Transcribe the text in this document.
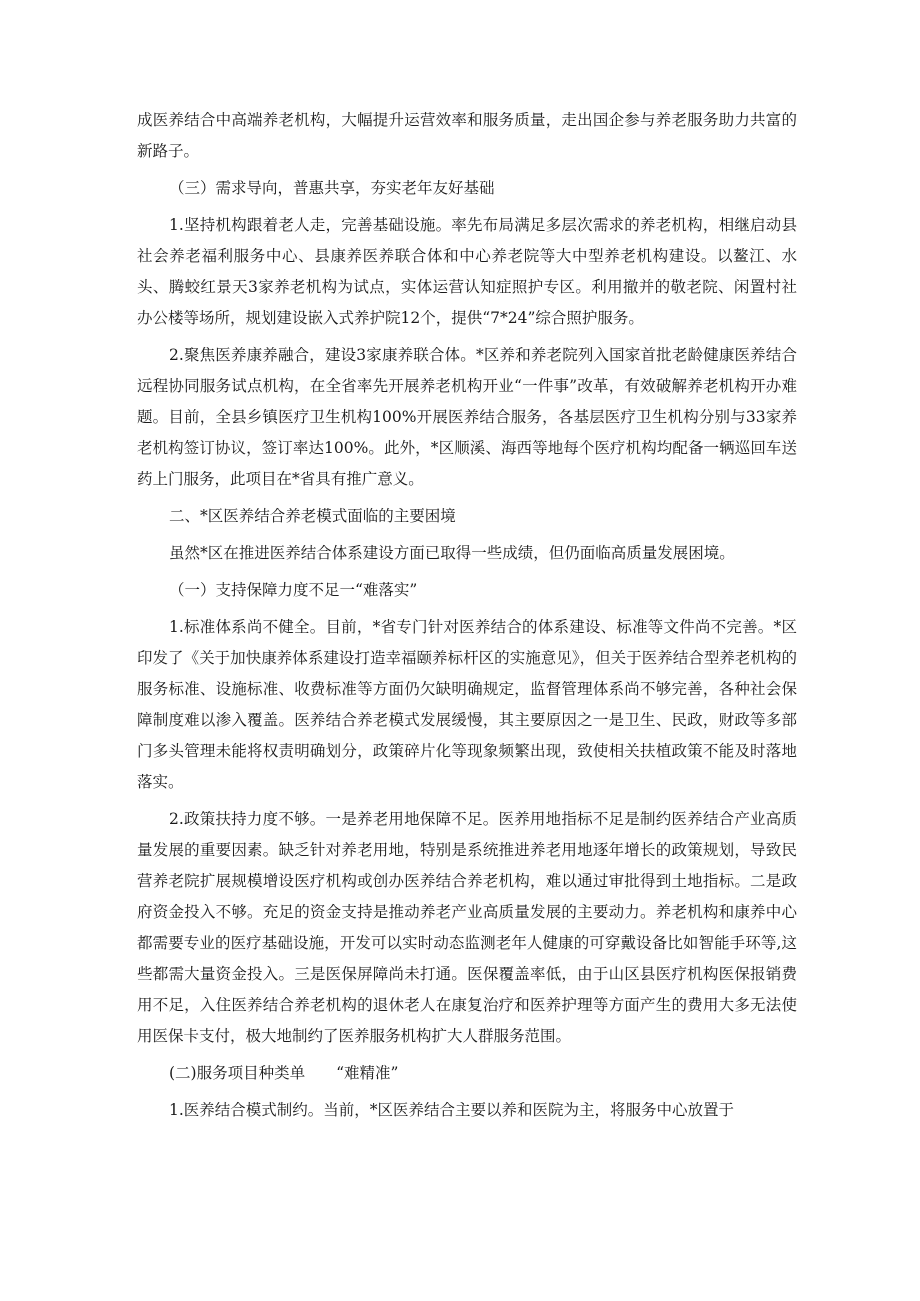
成医养结合中高端养老机构，大幅提升运营效率和服务质量，走出国企参与养老服务助力共富的新路子。

（三）需求导向，普惠共享，夯实老年友好基础

1.坚持机构跟着老人走，完善基础设施。率先布局满足多层次需求的养老机构，相继启动县社会养老福利服务中心、县康养医养联合体和中心养老院等大中型养老机构建设。以鳌江、水头、腾蛟红景天3家养老机构为试点，实体运营认知症照护专区。利用撤并的敬老院、闲置村社办公楼等场所，规划建设嵌入式养护院12个，提供“7*24”综合照护服务。

2.聚焦医养康养融合，建设3家康养联合体。*区养和养老院列入国家首批老龄健康医养结合远程协同服务试点机构，在全省率先开展养老机构开业“一件事”改革，有效破解养老机构开办难题。目前，全县乡镇医疗卫生机构100%开展医养结合服务，各基层医疗卫生机构分别与33家养老机构签订协议，签订率达100%。此外，*区顺溪、海西等地每个医疗机构均配备一辆巡回车送药上门服务，此项目在*省具有推广意义。

二、*区医养结合养老模式面临的主要困境

虽然*区在推进医养结合体系建设方面已取得一些成绩，但仍面临高质量发展困境。

（一）支持保障力度不足一“难落实”

1.标准体系尚不健全。目前，*省专门针对医养结合的体系建设、标准等文件尚不完善。*区印发了《关于加快康养体系建设打造幸福颐养标杆区的实施意见》，但关于医养结合型养老机构的服务标准、设施标准、收费标准等方面仍欠缺明确规定，监督管理体系尚不够完善，各种社会保障制度难以渗入覆盖。医养结合养老模式发展缓慢，其主要原因之一是卫生、民政，财政等多部门多头管理未能将权责明确划分，政策碎片化等现象频繁出现，致使相关扶植政策不能及时落地落实。

2.政策扶持力度不够。一是养老用地保障不足。医养用地指标不足是制约医养结合产业高质量发展的重要因素。缺乏针对养老用地，特别是系统推进养老用地逐年增长的政策规划，导致民营养老院扩展规模增设医疗机构或创办医养结合养老机构，难以通过审批得到土地指标。二是政府资金投入不够。充足的资金支持是推动养老产业高质量发展的主要动力。养老机构和康养中心都需要专业的医疗基础设施，开发可以实时动态监测老年人健康的可穿戴设备比如智能手环等,这些都需大量资金投入。三是医保屏障尚未打通。医保覆盖率低，由于山区县医疗机构医保报销费用不足，入住医养结合养老机构的退休老人在康复治疗和医养护理等方面产生的费用大多无法使用医保卡支付，极大地制约了医养服务机构扩大人群服务范围。

(二)服务项目种类单　　“难精准”

1.医养结合模式制约。当前，*区医养结合主要以养和医院为主，将服务中心放置于
